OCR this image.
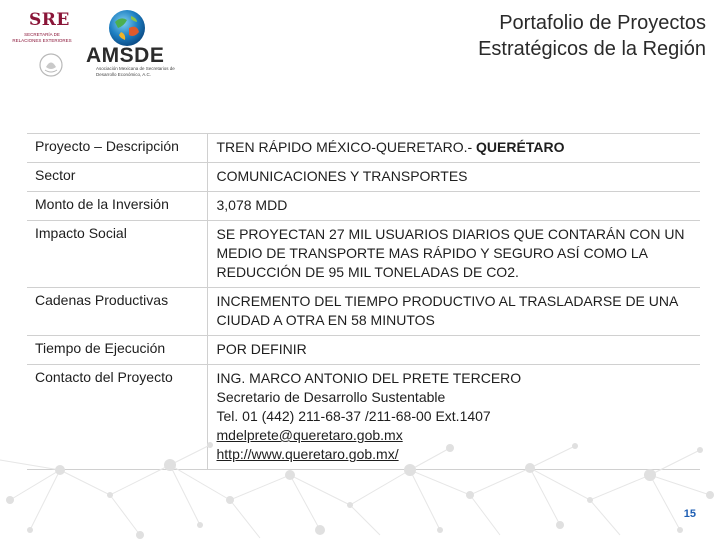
SRE
SECRETARÍA DE RELACIONES EXTERIORES
AMSDE
Asociación Mexicana de Secretarios de Desarrollo Económico, A.C.
Portafolio de Proyectos
Estratégicos de la Región
Proyecto – Descripción	TREN RÁPIDO MÉXICO-QUERETARO.- QUERÉTARO
Sector	COMUNICACIONES Y TRANSPORTES
Monto de la Inversión	3,078 MDD
Impacto Social	SE PROYECTAN 27 MIL USUARIOS DIARIOS QUE CONTARÁN CON UN MEDIO DE TRANSPORTE MAS RÁPIDO Y SEGURO ASÍ COMO LA REDUCCIÓN DE 95 MIL TONELADAS DE CO2.
Cadenas Productivas	INCREMENTO DEL TIEMPO PRODUCTIVO AL TRASLADARSE DE UNA CIUDAD A OTRA EN 58 MINUTOS
Tiempo de Ejecución	POR DEFINIR
Contacto del Proyecto	ING. MARCO ANTONIO DEL PRETE TERCERO
Secretario de Desarrollo Sustentable
Tel. 01 (442) 211-68-37 /211-68-00 Ext.1407
mdelprete@queretaro.gob.mx
http://www.queretaro.gob.mx/
15
